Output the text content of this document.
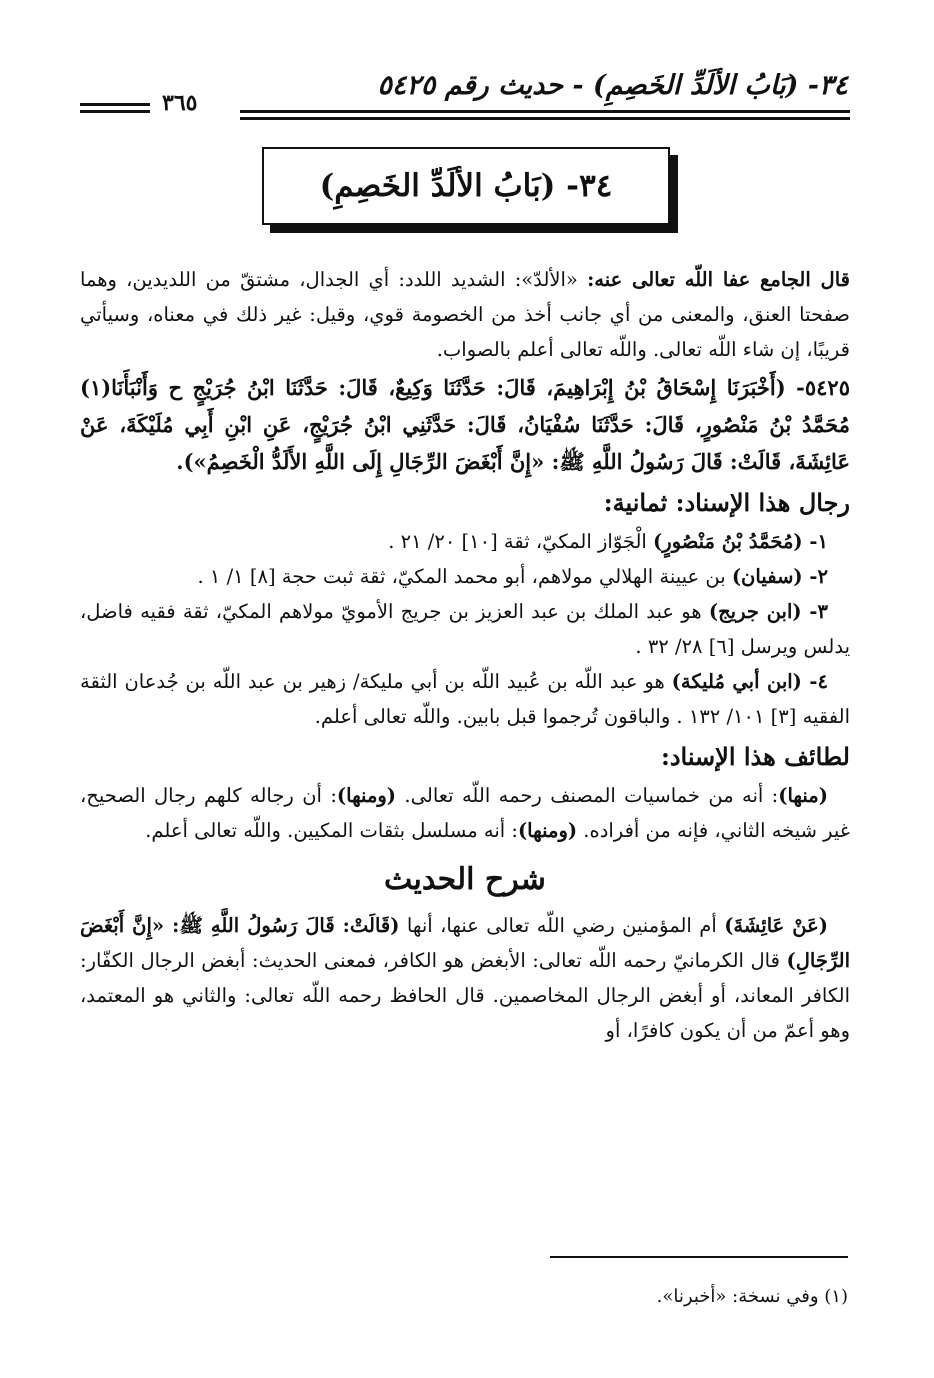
٣٤- (بَابُ الألَدِّ الخَصِمِ) - حديث رقم ٥٤٢٥
٣٦٥
٣٤- (بَابُ الألَدِّ الخَصِمِ)

قال الجامع عفا اللّه تعالى عنه: «الألدّ»: الشديد اللدد: أي الجدال، مشتقّ من اللديدين، وهما صفحتا العنق، والمعنى من أي جانب أخذ من الخصومة قوي، وقيل: غير ذلك في معناه، وسيأتي قريبًا، إن شاء اللّه تعالى. واللّه تعالى أعلم بالصواب.

٥٤٢٥- (أَخْبَرَنَا إِسْحَاقُ بْنُ إِبْرَاهِيمَ، قَالَ: حَدَّثَنَا وَكِيعٌ، قَالَ: حَدَّثَنَا ابْنُ جُرَيْجٍ ح وَأَنْبَأَنَا(١) مُحَمَّدُ بْنُ مَنْصُورٍ، قَالَ: حَدَّثَنَا سُفْيَانُ، قَالَ: حَدَّثَنِي ابْنُ جُرَيْجٍ، عَنِ ابْنِ أَبِي مُلَيْكَةَ، عَنْ عَائِشَةَ، قَالَتْ: قَالَ رَسُولُ اللَّهِ ﷺ: «إِنَّ أَبْغَضَ الرِّجَالِ إِلَى اللَّهِ الأَلَدُّ الْخَصِمُ»).

رجال هذا الإسناد: ثمانية:

١- (مُحَمَّدُ بْنُ مَنْصُورٍ) الْجَوّاز المكيّ، ثقة [١٠] ٢٠/ ٢١ .

٢- (سفيان) بن عيينة الهلالي مولاهم، أبو محمد المكيّ، ثقة ثبت حجة [٨] ١/ ١ .

٣- (ابن جريج) هو عبد الملك بن عبد العزيز بن جريج الأمويّ مولاهم المكيّ، ثقة فقيه فاضل، يدلس ويرسل [٦] ٢٨/ ٣٢ .

٤- (ابن أبي مُليكة) هو عبد اللّه بن عُبيد اللّه بن أبي مليكة/ زهير بن عبد اللّه بن جُدعان الثقة الفقيه [٣] ١٠١/ ١٣٢ . والباقون تُرجموا قبل بابين. واللّه تعالى أعلم.

لطائف هذا الإسناد:

(منها): أنه من خماسيات المصنف رحمه اللّه تعالى. (ومنها): أن رجاله كلهم رجال الصحيح، غير شيخه الثاني، فإنه من أفراده. (ومنها): أنه مسلسل بثقات المكيين. واللّه تعالى أعلم.

شرح الحديث

(عَنْ عَائِشَةَ) أم المؤمنين رضي اللّه تعالى عنها، أنها (قَالَتْ: قَالَ رَسُولُ اللَّهِ ﷺ: «إِنَّ أَبْغَضَ الرِّجَالِ) قال الكرمانيّ رحمه اللّه تعالى: الأبغض هو الكافر، فمعنى الحديث: أبغض الرجال الكفّار: الكافر المعاند، أو أبغض الرجال المخاصمين. قال الحافظ رحمه اللّه تعالى: والثاني هو المعتمد، وهو أعمّ من أن يكون كافرًا، أو

(١) وفي نسخة: «أخبرنا».
